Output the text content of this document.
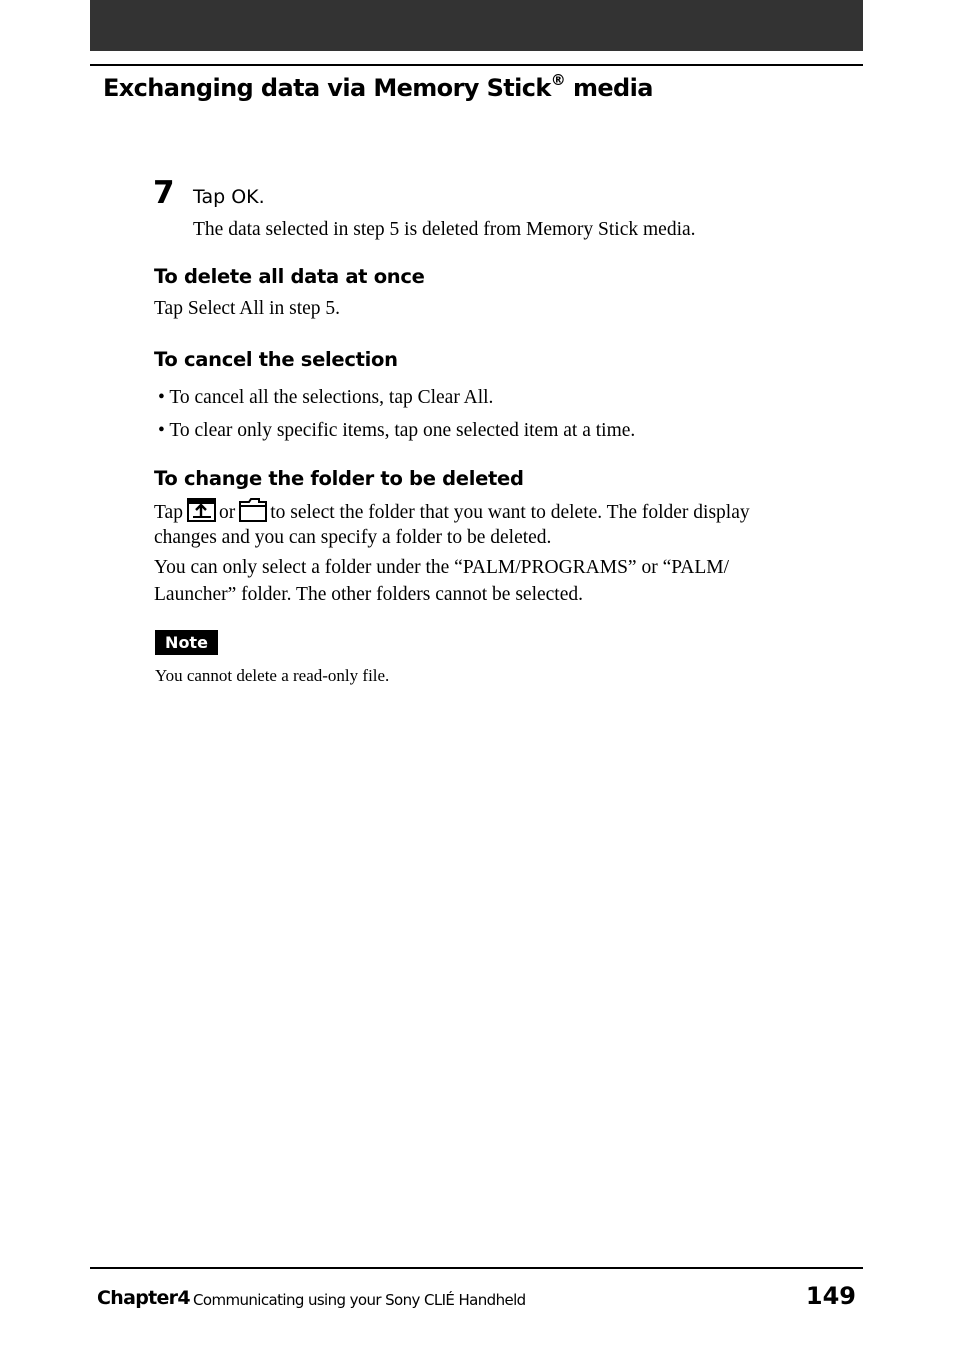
Exchanging data via Memory Stick® media
7 Tap OK.
The data selected in step 5 is deleted from Memory Stick media.
To delete all data at once
Tap Select All in step 5.
To cancel the selection
• To cancel all the selections, tap Clear All.
• To clear only specific items, tap one selected item at a time.
To change the folder to be deleted
Tap or to select the folder that you want to delete. The folder display
changes and you can specify a folder to be deleted.
You can only select a folder under the “PALM/PROGRAMS” or “PALM/
Launcher” folder. The other folders cannot be selected.
Note
You cannot delete a read-only file.
Chapter4 Communicating using your Sony CLIÉ Handheld	149
